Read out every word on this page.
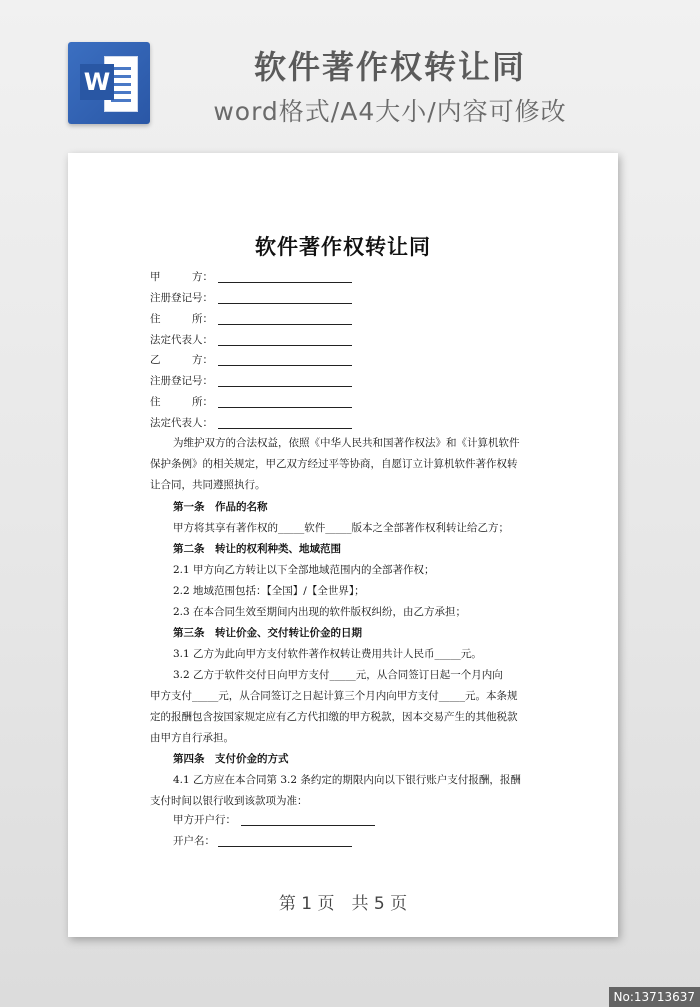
W	软件著作权转让同
word格式/A4大小/内容可修改
软件著作权转让同
甲　　　方：
注册登记号：
住　　　所：
法定代表人：
乙　　　方：
注册登记号：
住　　　所：
法定代表人：

为维护双方的合法权益，依照《中华人民共和国著作权法》和《计算机软件

保护条例》的相关规定，甲乙双方经过平等协商，自愿订立计算机软件著作权转

让合同，共同遵照执行。

第一条　作品的名称

甲方将其享有著作权的_____软件_____版本之全部著作权利转让给乙方；

第二条　转让的权利种类、地域范围

2.1 甲方向乙方转让以下全部地域范围内的全部著作权；

2.2 地域范围包括：【全国】/【全世界】；

2.3 在本合同生效至期间内出现的软件版权纠纷，由乙方承担；

第三条　转让价金、交付转让价金的日期

3.1 乙方为此向甲方支付软件著作权转让费用共计人民币_____元。

3.2 乙方于软件交付日向甲方支付_____元，从合同签订日起一个月内向

甲方支付_____元，从合同签订之日起计算三个月内向甲方支付_____元。本条规

定的报酬包含按国家规定应有乙方代扣缴的甲方税款，因本交易产生的其他税款

由甲方自行承担。

第四条　支付价金的方式

4.1 乙方应在本合同第 3.2 条约定的期限内向以下银行账户支付报酬，报酬

支付时间以银行收到该款项为准：

甲方开户行：
开户名：
第 1 页　共 5 页
No:13713637
